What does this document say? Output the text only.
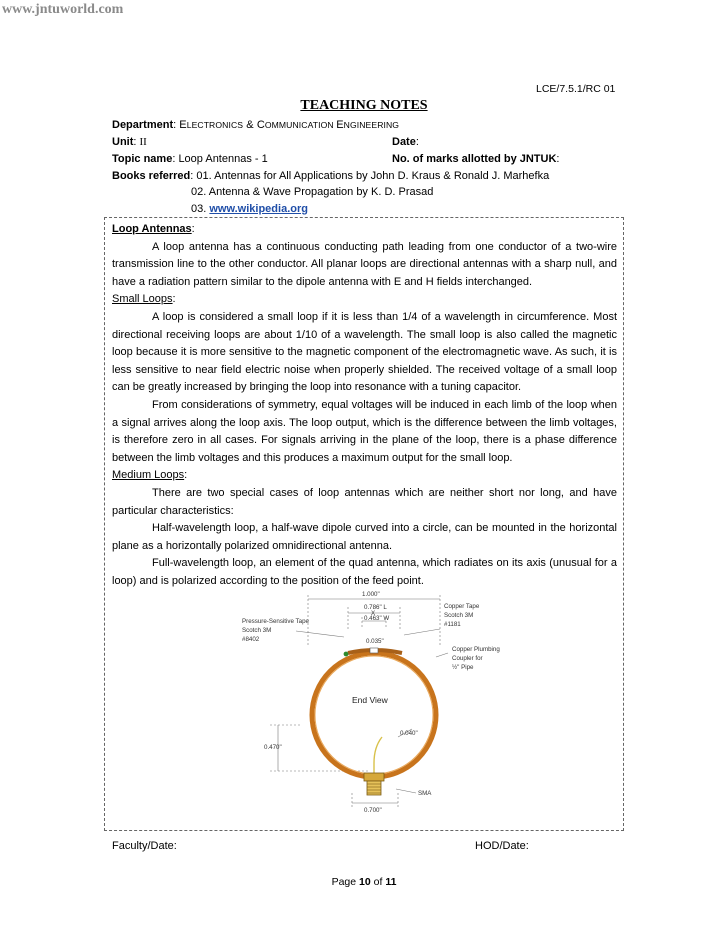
www.jntuworld.com
LCE/7.5.1/RC 01
TEACHING NOTES
Department: ELECTRONICS & COMMUNICATION ENGINEERING
Unit: II	Date:
Topic name: Loop Antennas - 1	No. of marks allotted by JNTUK:
Books referred: 01. Antennas for All Applications by John D. Kraus & Ronald J. Marhefka
02. Antenna & Wave Propagation by K. D. Prasad
03. www.wikipedia.org

Loop Antennas:

A loop antenna has a continuous conducting path leading from one conductor of a two-wire transmission line to the other conductor. All planar loops are directional antennas with a sharp null, and have a radiation pattern similar to the dipole antenna with E and H fields interchanged.

Small Loops:

A loop is considered a small loop if it is less than 1/4 of a wavelength in circumference. Most directional receiving loops are about 1/10 of a wavelength. The small loop is also called the magnetic loop because it is more sensitive to the magnetic component of the electromagnetic wave. As such, it is less sensitive to near field electric noise when properly shielded. The received voltage of a small loop can be greatly increased by bringing the loop into resonance with a tuning capacitor.

From considerations of symmetry, equal voltages will be induced in each limb of the loop when a signal arrives along the loop axis. The loop output, which is the difference between the limb voltages, is therefore zero in all cases. For signals arriving in the plane of the loop, there is a phase difference between the limb voltages and this produces a maximum output for the small loop.

Medium Loops:

There are two special cases of loop antennas which are neither short nor long, and have particular characteristics:

Half-wavelength loop, a half-wave dipole curved into a circle, can be mounted in the horizontal plane as a horizontally polarized omnidirectional antenna.

Full-wavelength loop, an element of the quad antenna, which radiates on its axis (unusual for a loop) and is polarized according to the position of the feed point.

1.000"
0.786" L
X
0.463" W
0.035"
Pressure-Sensitive Tape
Scotch 3M
#8402
Copper Tape
Scotch 3M
#1181
Copper Plumbing
Coupler for
½" Pipe
0.040"
0.470"
SMA
0.700"
End View
Faculty/Date:	HOD/Date:
Page 10 of 11
